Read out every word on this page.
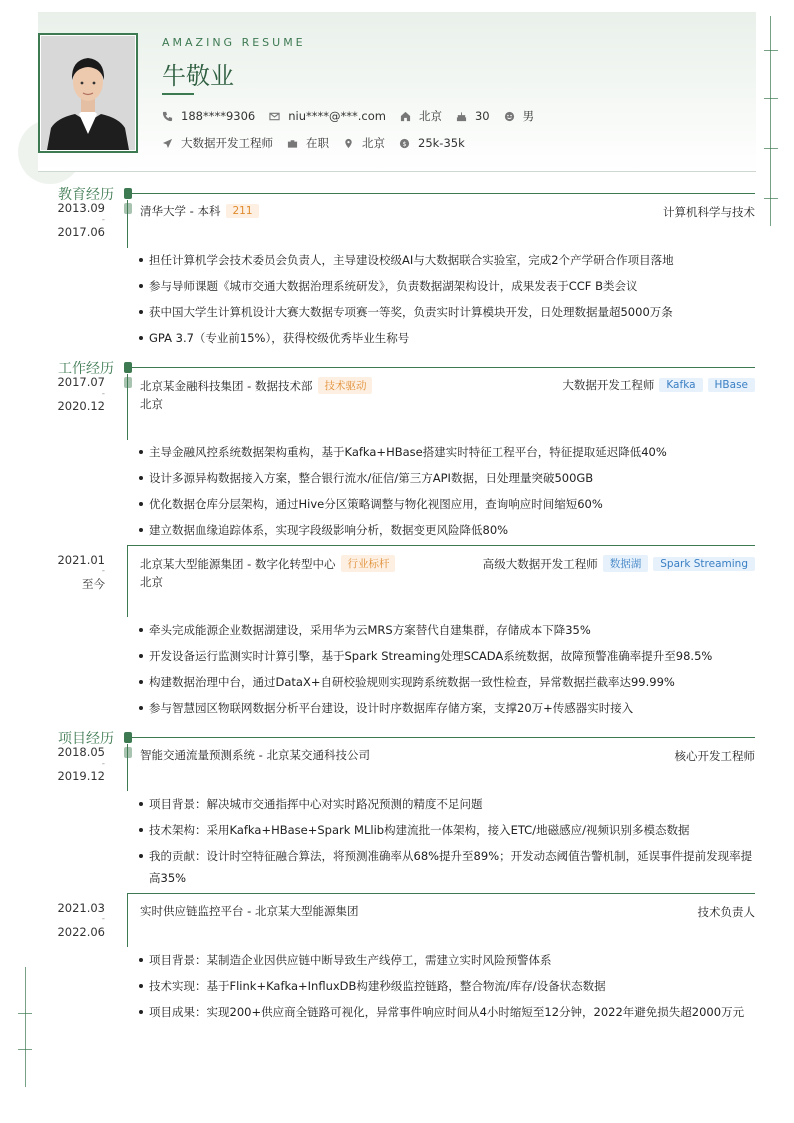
AMAZING RESUME
牛敬业
188****9306	niu****@***.com	北京	30	男
大数据开发工程师	在职	北京 $ 25k-35k
教育经历
2013.09
-
2017.06
清华大学 - 本科	211	计算机科学与技术
担任计算机学会技术委员会负责人，主导建设校级AI与大数据联合实验室，完成2个产学研合作项目落地
参与导师课题《城市交通大数据治理系统研发》，负责数据湖架构设计，成果发表于CCF B类会议
获中国大学生计算机设计大赛大数据专项赛一等奖，负责实时计算模块开发，日处理数据量超5000万条
GPA 3.7（专业前15%），获得校级优秀毕业生称号
工作经历
2017.07
-
2020.12
北京某金融科技集团 - 数据技术部	技术驱动	大数据开发工程师	Kafka	HBase
北京
主导金融风控系统数据架构重构，基于Kafka+HBase搭建实时特征工程平台，特征提取延迟降低40%
设计多源异构数据接入方案，整合银行流水/征信/第三方API数据，日处理量突破500GB
优化数据仓库分层架构，通过Hive分区策略调整与物化视图应用，查询响应时间缩短60%
建立数据血缘追踪体系，实现字段级影响分析，数据变更风险降低80%
2021.01
-
至今
北京某大型能源集团 - 数字化转型中心	行业标杆	高级大数据开发工程师	数据湖	Spark Streaming
北京
牵头完成能源企业数据湖建设，采用华为云MRS方案替代自建集群，存储成本下降35%
开发设备运行监测实时计算引擎，基于Spark Streaming处理SCADA系统数据，故障预警准确率提升至98.5%
构建数据治理中台，通过DataX+自研校验规则实现跨系统数据一致性检查，异常数据拦截率达99.99%
参与智慧园区物联网数据分析平台建设，设计时序数据库存储方案，支撑20万+传感器实时接入
项目经历
2018.05
-
2019.12
智能交通流量预测系统 - 北京某交通科技公司	核心开发工程师
项目背景：解决城市交通指挥中心对实时路况预测的精度不足问题
技术架构：采用Kafka+HBase+Spark MLlib构建流批一体架构，接入ETC/地磁感应/视频识别多模态数据
我的贡献：设计时空特征融合算法，将预测准确率从68%提升至89%；开发动态阈值告警机制，延误事件提前发现率提高35%
2021.03
-
2022.06
实时供应链监控平台 - 北京某大型能源集团	技术负责人
项目背景：某制造企业因供应链中断导致生产线停工，需建立实时风险预警体系
技术实现：基于Flink+Kafka+InfluxDB构建秒级监控链路，整合物流/库存/设备状态数据
项目成果：实现200+供应商全链路可视化，异常事件响应时间从4小时缩短至12分钟，2022年避免损失超2000万元
